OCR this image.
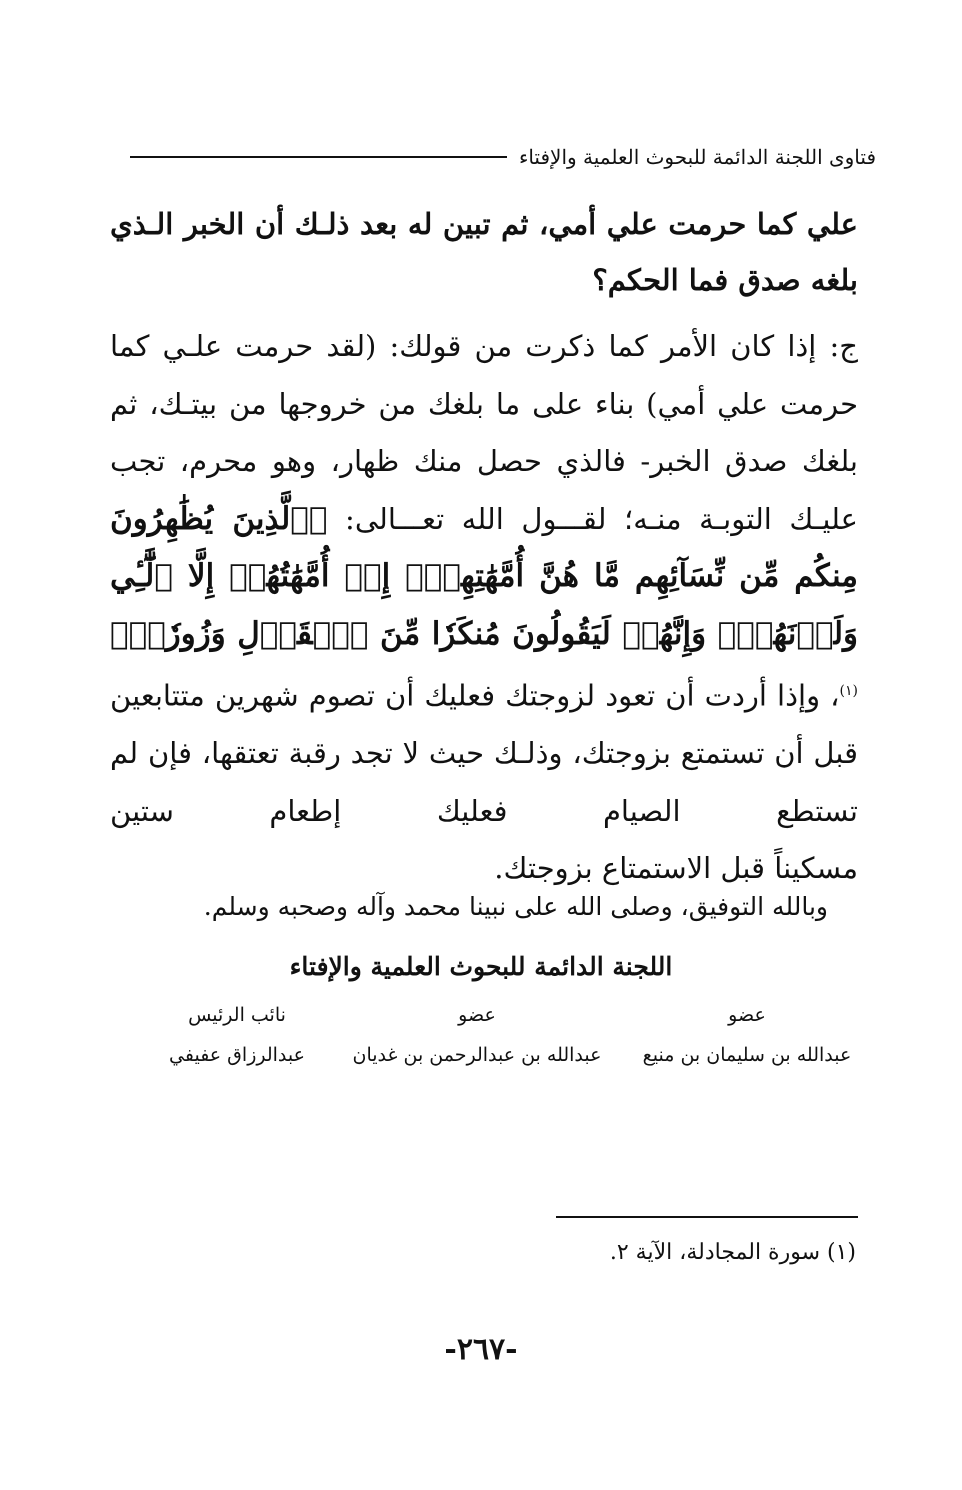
فتاوى اللجنة الدائمة للبحوث العلمية والإفتاء
علي كما حرمت علي أمي، ثم تبين له بعد ذلـك أن الخبر الـذي
بلغه صدق فما الحكم؟
ج: إذا كان الأمر كما ذكرت من قولك: (لقد حرمت علـي كما حرمت علي أمي) بناء على ما بلغك من خروجها من بيتـك، ثم بلغك صدق الخبر- فالذي حصل منك ظهار، وهو محرم، تجب عليـك التوبـة منـه؛ لقـــول الله تعـــالى: ﴿ٱلَّذِينَ يُظَٰهِرُونَ مِنكُم مِّن نِّسَآئِهِم مَّا هُنَّ أُمَّهَٰتِهِمۡۖ إِنۡ أُمَّهَٰتُهُمۡ إِلَّا ٱلَّٰٓـِٔي وَلَدۡنَهُمۡۚ وَإِنَّهُمۡ لَيَقُولُونَ مُنكَرٗا مِّنَ ٱلۡقَوۡلِ وَزُورٗاۚ﴾$^{(١)}$، وإذا أردت أن تعود لزوجتك فعليك أن تصوم شهرين متتابعين قبل أن تستمتع بزوجتك، وذلـك حيث لا تجد رقبة تعتقها، فإن لم تستطع الصيام فعليك إطعام ستين
مسكيناً قبل الاستمتاع بزوجتك.
وبالله التوفيق، وصلى الله على نبينا محمد وآله وصحبه وسلم.
اللجنة الدائمة للبحوث العلمية والإفتاء
عضو
عضو
نائب الرئيس
عبدالله بن سليمان بن منيع
عبدالله بن عبدالرحمن بن غديان
عبدالرزاق عفيفي
(١) سورة المجادلة، الآية ٢.
-٢٦٧-
